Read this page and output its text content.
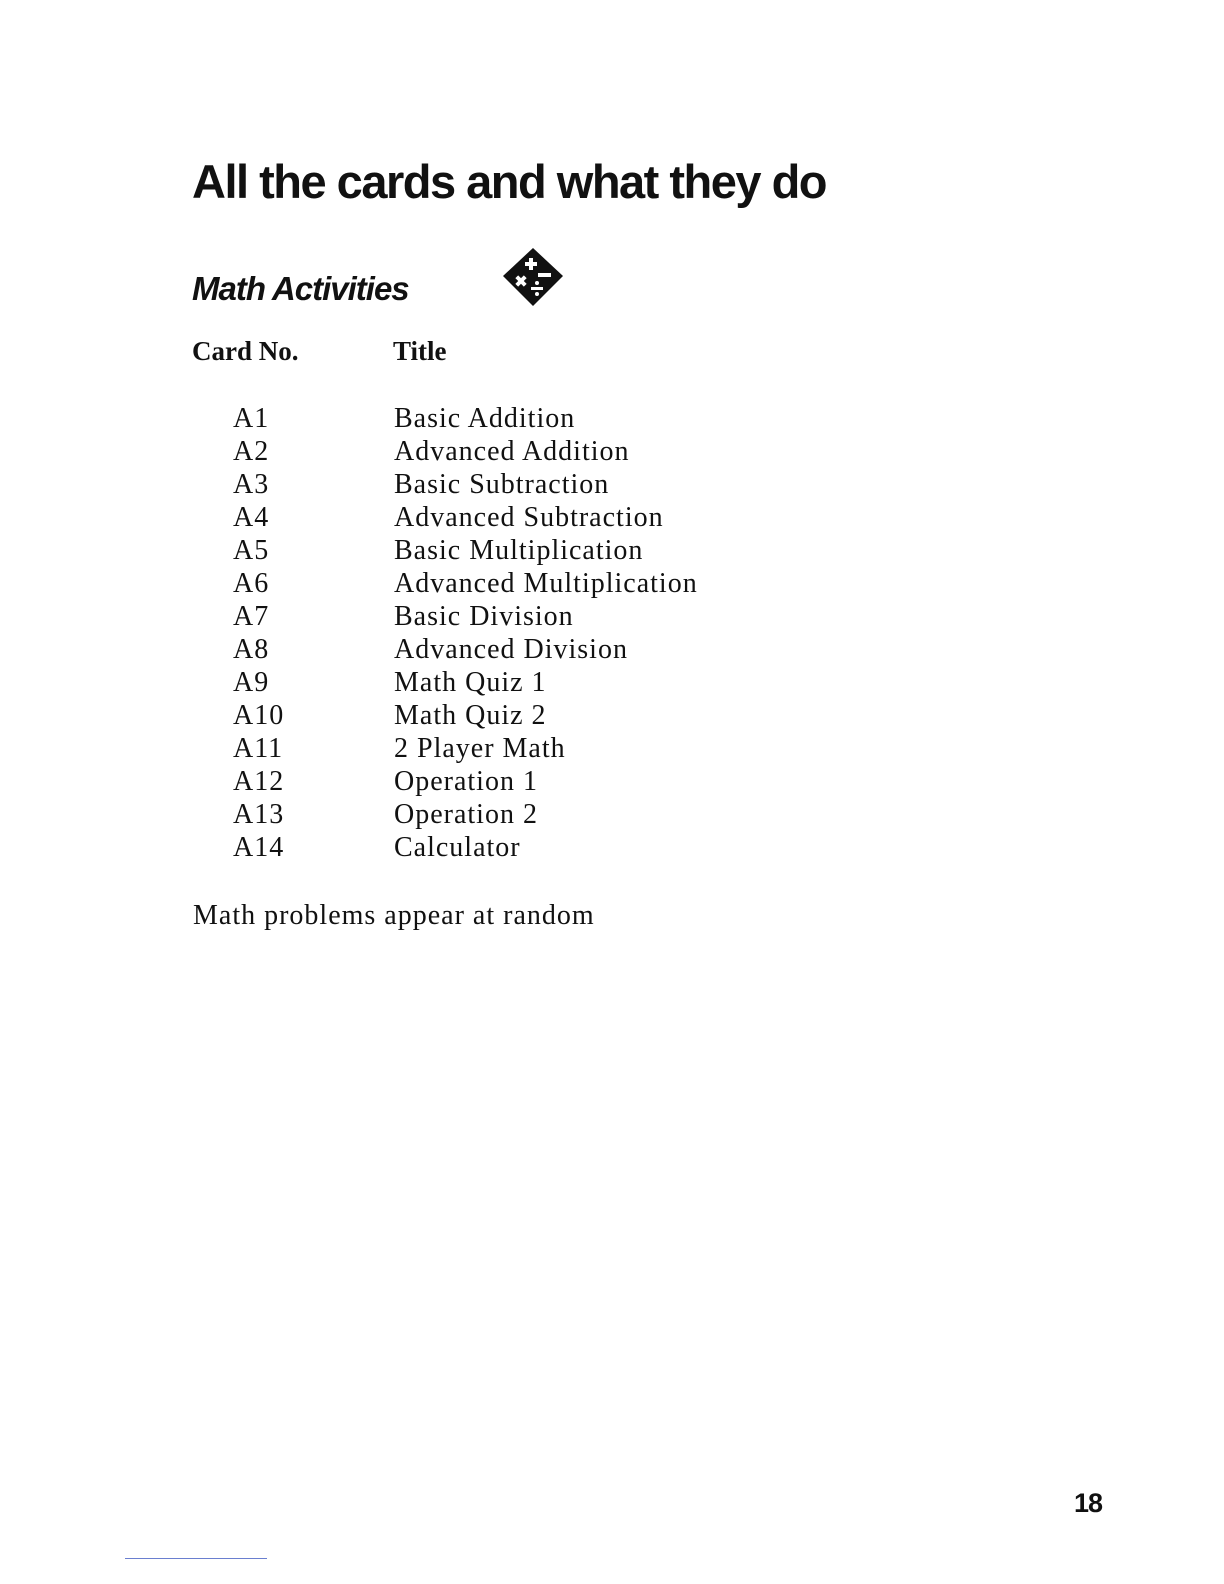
All the cards and what they do
Math Activities
Card No.	Title
A1	Basic Addition
A2	Advanced Addition
A3	Basic Subtraction
A4	Advanced Subtraction
A5	Basic Multiplication
A6	Advanced Multiplication
A7	Basic Division
A8	Advanced Division
A9	Math Quiz 1
A10	Math Quiz 2
A11	2 Player Math
A12	Operation 1
A13	Operation 2
A14	Calculator
Math problems appear at random
18
